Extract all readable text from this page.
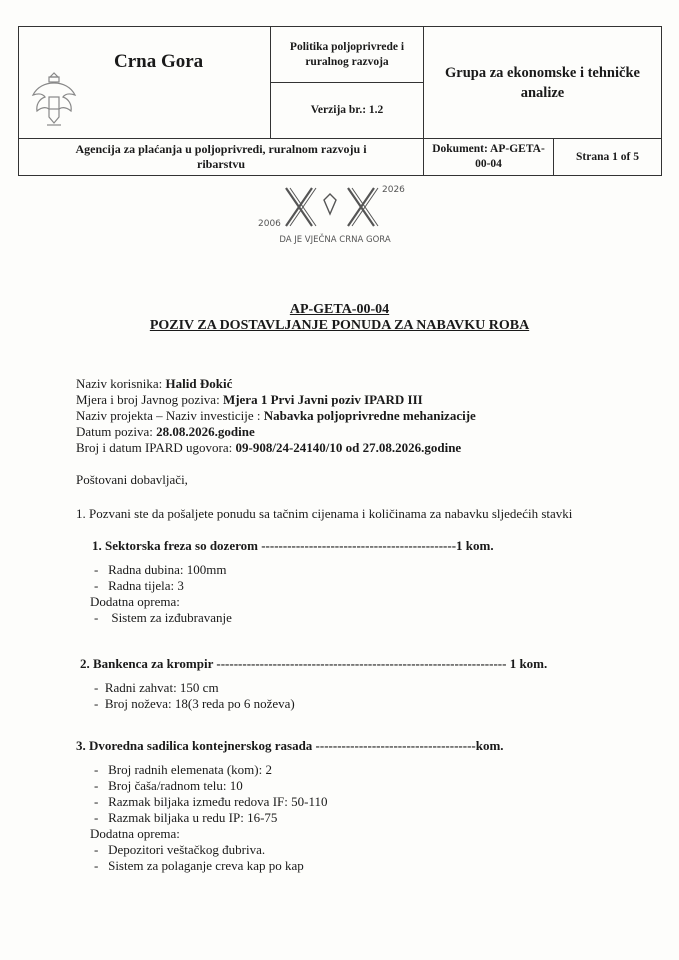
Crna Gora
Politika poljoprivrede i
ruralnog razvoja
Verzija br.: 1.2
Grupa za ekonomske i tehničke
analize
Agencija za plaćanja u poljoprivredi, ruralnom razvoju i
ribarstvu
Dokument: AP-GETA-
00-04
Strana 1 of 5
2006
2026
DA JE VJEČNA CRNA GORA
AP-GETA-00-04
POZIV ZA DOSTAVLJANJE PONUDA ZA NABAVKU ROBA
Naziv korisnika: Halid Đokić
Mjera i broj Javnog poziva: Mjera 1 Prvi Javni poziv IPARD III
Naziv projekta – Naziv investicije : Nabavka poljoprivredne mehanizacije
Datum poziva: 28.08.2026.godine
Broj i datum IPARD ugovora: 09-908/24-24140/10 od 27.08.2026.godine
Poštovani dobavljači,
1. Pozvani ste da pošaljete ponudu sa tačnim cijenama i količinama za nabavku sljedećih stavki
1. Sektorska freza so dozerom ---------------------------------------------1 kom.
-   Radna dubina: 100mm
-   Radna tijela: 3
Dodatna oprema:
-    Sistem za izđubravanje
2. Bankenca za krompir ------------------------------------------------------------------- 1 kom.
-  Radni zahvat: 150 cm
-  Broj noževa: 18(3 reda po 6 noževa)
3. Dvoredna sadilica kontejnerskog rasada -------------------------------------kom.
-   Broj radnih elemenata (kom): 2
-   Broj čaša/radnom telu: 10
-   Razmak biljaka između redova IF: 50-110
-   Razmak biljaka u redu IP: 16-75
Dodatna oprema:
-   Depozitori veštačkog đubriva.
-   Sistem za polaganje creva kap po kap
